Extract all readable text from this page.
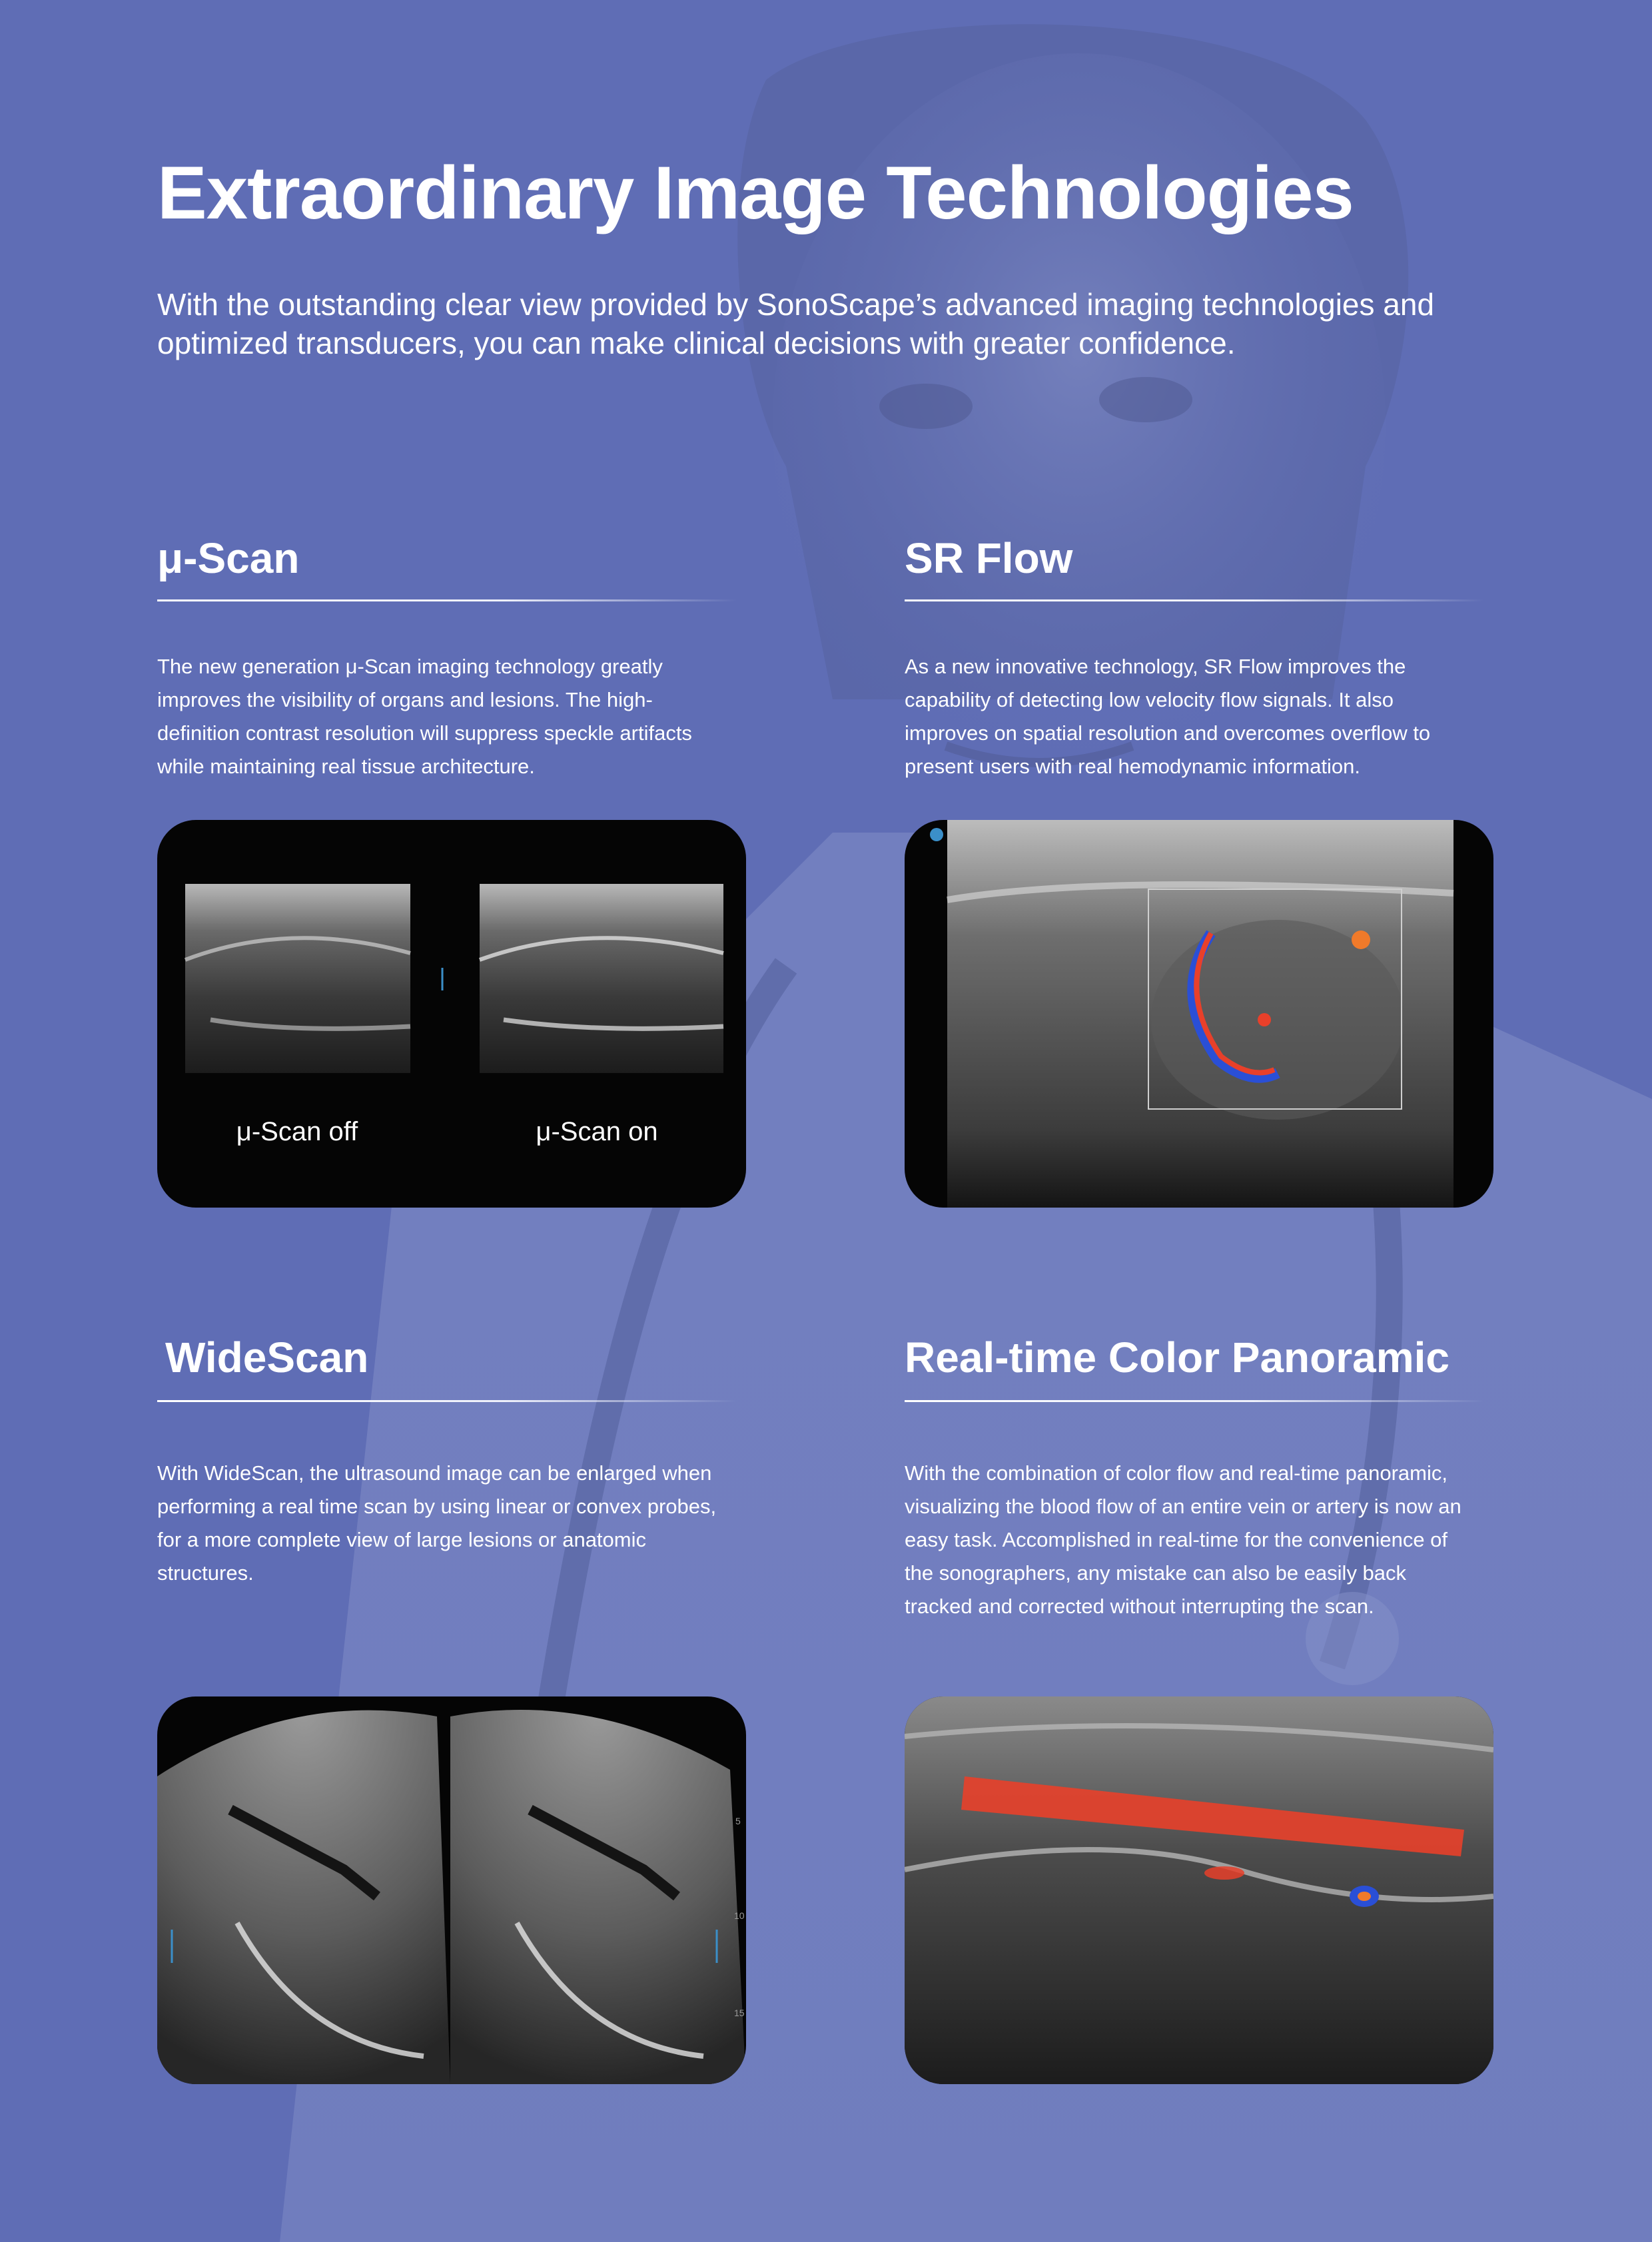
Extraordinary Image Technologies

With the outstanding clear view provided by SonoScape’s advanced imaging technologies and optimized transducers, you can make clinical decisions with greater confidence.

μ-Scan

The new generation μ-Scan imaging technology greatly improves the visibility of organs and lesions. The high-definition contrast resolution will suppress speckle artifacts while maintaining real tissue architecture.

μ-Scan off	μ-Scan on
SR Flow

As a new innovative technology, SR Flow improves the capability of detecting low velocity flow signals. It also improves on spatial resolution and overcomes overflow to present users with real hemodynamic information.

WideScan

With WideScan, the ultrasound image can be enlarged when performing a real time scan by using linear or convex probes, for a more complete view of large lesions or anatomic structures.

5
10
15
Real-time Color Panoramic

With the combination of color flow and real-time panoramic, visualizing the blood flow of an entire vein or artery is now an easy task. Accomplished in real-time for the convenience of the sonographers, any mistake can also be easily back tracked and corrected without interrupting the scan.
